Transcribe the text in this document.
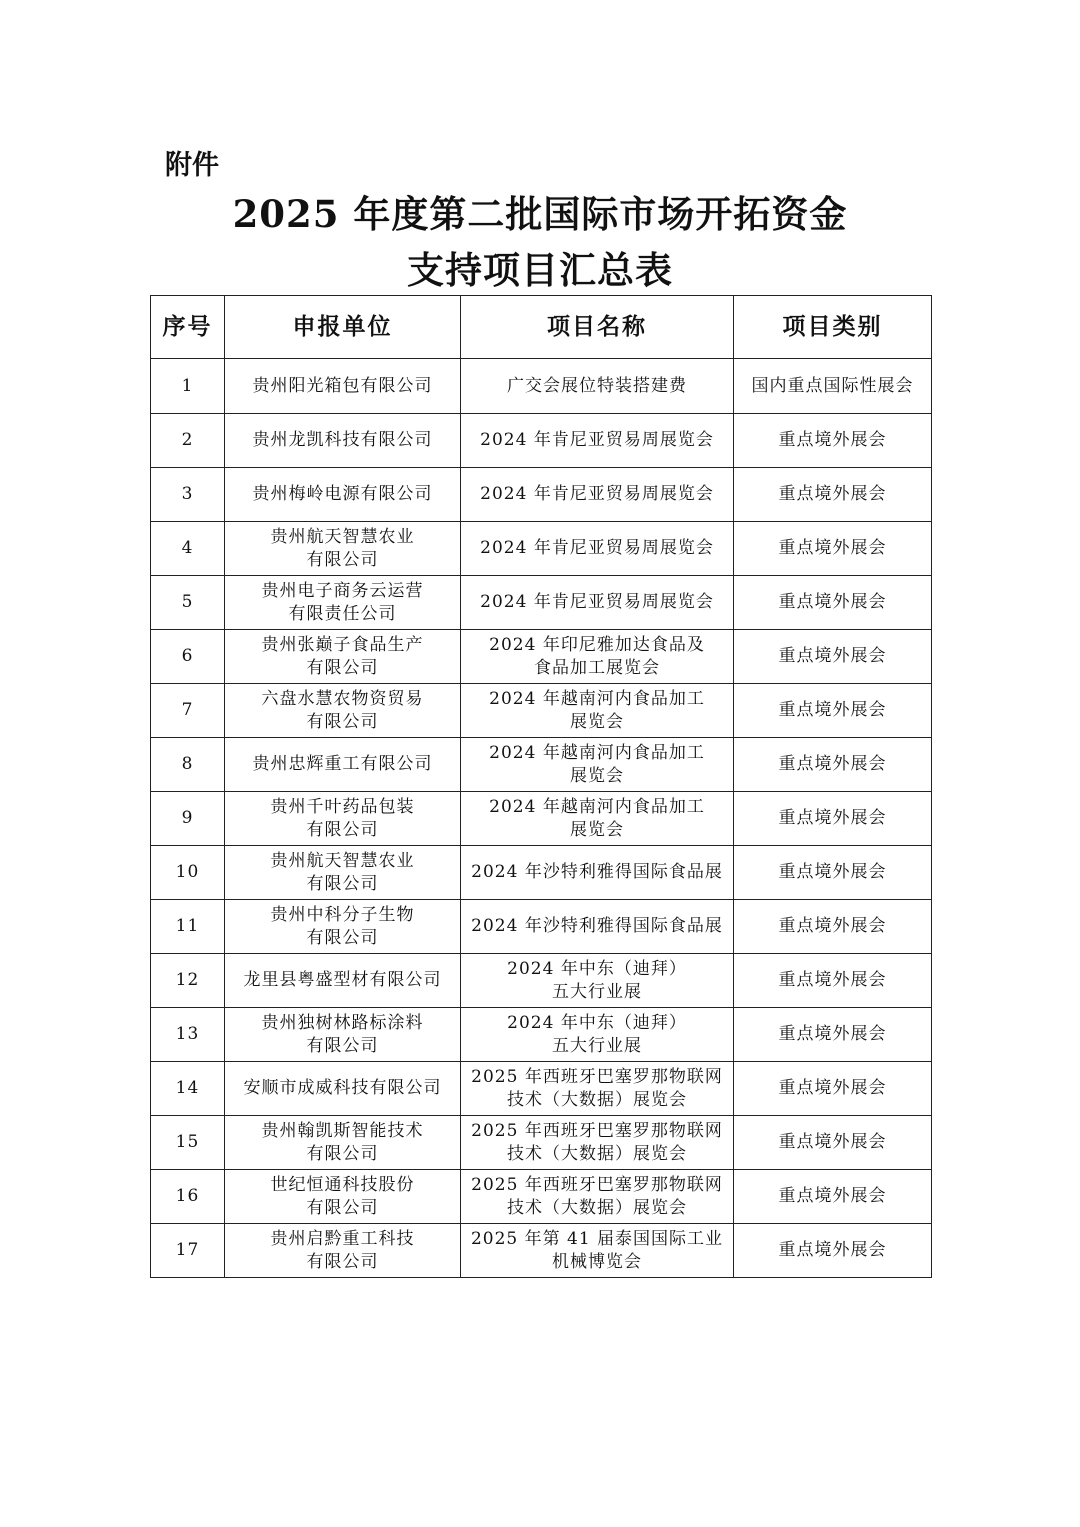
附件
2025 年度第二批国际市场开拓资金
支持项目汇总表
序号	申报单位	项目名称	项目类别
1	贵州阳光箱包有限公司	广交会展位特装搭建费	国内重点国际性展会
2	贵州龙凯科技有限公司	2024 年肯尼亚贸易周展览会	重点境外展会
3	贵州梅岭电源有限公司	2024 年肯尼亚贸易周展览会	重点境外展会
4	贵州航天智慧农业
有限公司	2024 年肯尼亚贸易周展览会	重点境外展会
5	贵州电子商务云运营
有限责任公司	2024 年肯尼亚贸易周展览会	重点境外展会
6	贵州张巅子食品生产
有限公司	2024 年印尼雅加达食品及
食品加工展览会	重点境外展会
7	六盘水慧农物资贸易
有限公司	2024 年越南河内食品加工
展览会	重点境外展会
8	贵州忠辉重工有限公司	2024 年越南河内食品加工
展览会	重点境外展会
9	贵州千叶药品包装
有限公司	2024 年越南河内食品加工
展览会	重点境外展会
10	贵州航天智慧农业
有限公司	2024 年沙特利雅得国际食品展	重点境外展会
11	贵州中科分子生物
有限公司	2024 年沙特利雅得国际食品展	重点境外展会
12	龙里县粤盛型材有限公司	2024 年中东（迪拜）
五大行业展	重点境外展会
13	贵州独树林路标涂料
有限公司	2024 年中东（迪拜）
五大行业展	重点境外展会
14	安顺市成威科技有限公司	2025 年西班牙巴塞罗那物联网
技术（大数据）展览会	重点境外展会
15	贵州翰凯斯智能技术
有限公司	2025 年西班牙巴塞罗那物联网
技术（大数据）展览会	重点境外展会
16	世纪恒通科技股份
有限公司	2025 年西班牙巴塞罗那物联网
技术（大数据）展览会	重点境外展会
17	贵州启黔重工科技
有限公司	2025 年第 41 届泰国国际工业
机械博览会	重点境外展会
